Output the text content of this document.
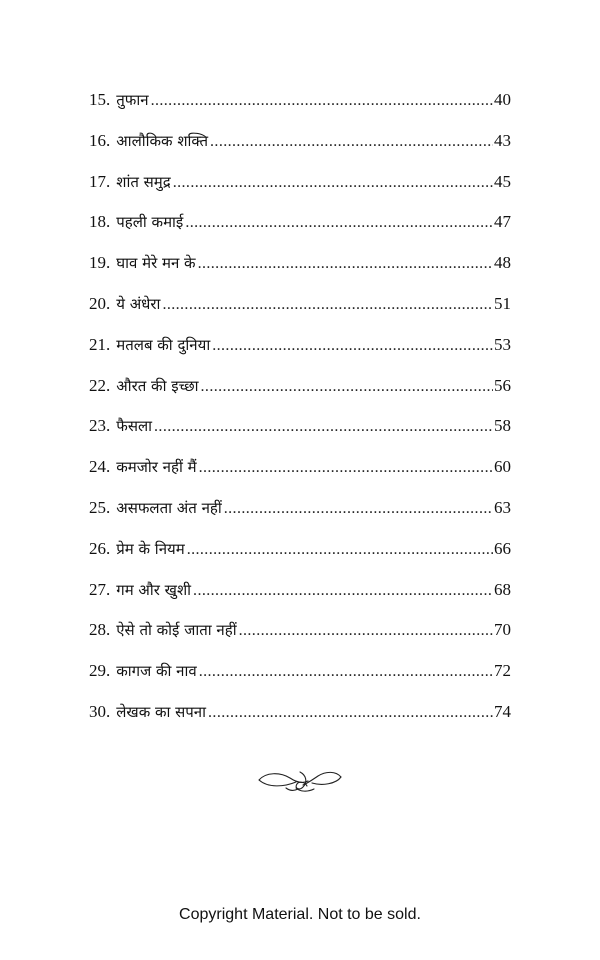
15. तुफान .....	40
16. आलौकिक शक्ति .....	43
17. शांत समुद्र .....	45
18. पहली कमाई .....	47
19. घाव मेरे मन के .....	48
20. ये अंधेरा .....	51
21. मतलब की दुनिया .....	53
22. औरत की इच्छा .....	56
23. फैसला .....	58
24. कमजोर नहीं मैं .....	60
25. असफलता अंत नहीं .....	63
26. प्रेम के नियम .....	66
27. गम और खुशी .....	68
28. ऐसे तो कोई जाता नहीं .....	70
29. कागज की नाव .....	72
30. लेखक का सपना .....	74
Copyright Material. Not to be sold.
